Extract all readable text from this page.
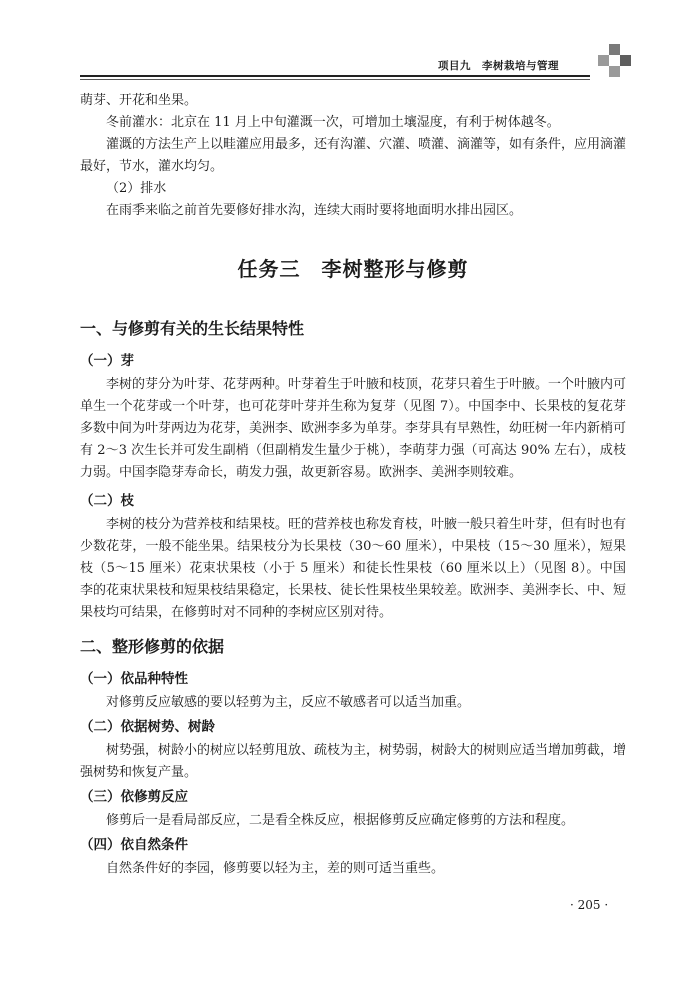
项目九　李树栽培与管理

萌芽、开花和坐果。

冬前灌水：北京在 11 月上中旬灌溉一次，可增加土壤湿度，有利于树体越冬。

灌溉的方法生产上以畦灌应用最多，还有沟灌、穴灌、喷灌、滴灌等，如有条件，应用滴灌最好，节水，灌水均匀。

（2）排水

在雨季来临之前首先要修好排水沟，连续大雨时要将地面明水排出园区。

任务三　李树整形与修剪
一、与修剪有关的生长结果特性
（一）芽

李树的芽分为叶芽、花芽两种。叶芽着生于叶腋和枝顶，花芽只着生于叶腋。一个叶腋内可单生一个花芽或一个叶芽，也可花芽叶芽并生称为复芽（见图 7）。中国李中、长果枝的复花芽多数中间为叶芽两边为花芽，美洲李、欧洲李多为单芽。李芽具有早熟性，幼旺树一年内新梢可有 2～3 次生长并可发生副梢（但副梢发生量少于桃），李萌芽力强（可高达 90% 左右），成枝力弱。中国李隐芽寿命长，萌发力强，故更新容易。欧洲李、美洲李则较难。

（二）枝

李树的枝分为营养枝和结果枝。旺的营养枝也称发育枝，叶腋一般只着生叶芽，但有时也有少数花芽，一般不能坐果。结果枝分为长果枝（30～60 厘米），中果枝（15～30 厘米），短果枝（5～15 厘米）花束状果枝（小于 5 厘米）和徒长性果枝（60 厘米以上）（见图 8）。中国李的花束状果枝和短果枝结果稳定，长果枝、徒长性果枝坐果较差。欧洲李、美洲李长、中、短果枝均可结果，在修剪时对不同种的李树应区别对待。

二、整形修剪的依据
（一）依品种特性

对修剪反应敏感的要以轻剪为主，反应不敏感者可以适当加重。

（二）依据树势、树龄

树势强，树龄小的树应以轻剪甩放、疏枝为主，树势弱，树龄大的树则应适当增加剪截，增强树势和恢复产量。

（三）依修剪反应

修剪后一是看局部反应，二是看全株反应，根据修剪反应确定修剪的方法和程度。

（四）依自然条件

自然条件好的李园，修剪要以轻为主，差的则可适当重些。

· 205 ·
